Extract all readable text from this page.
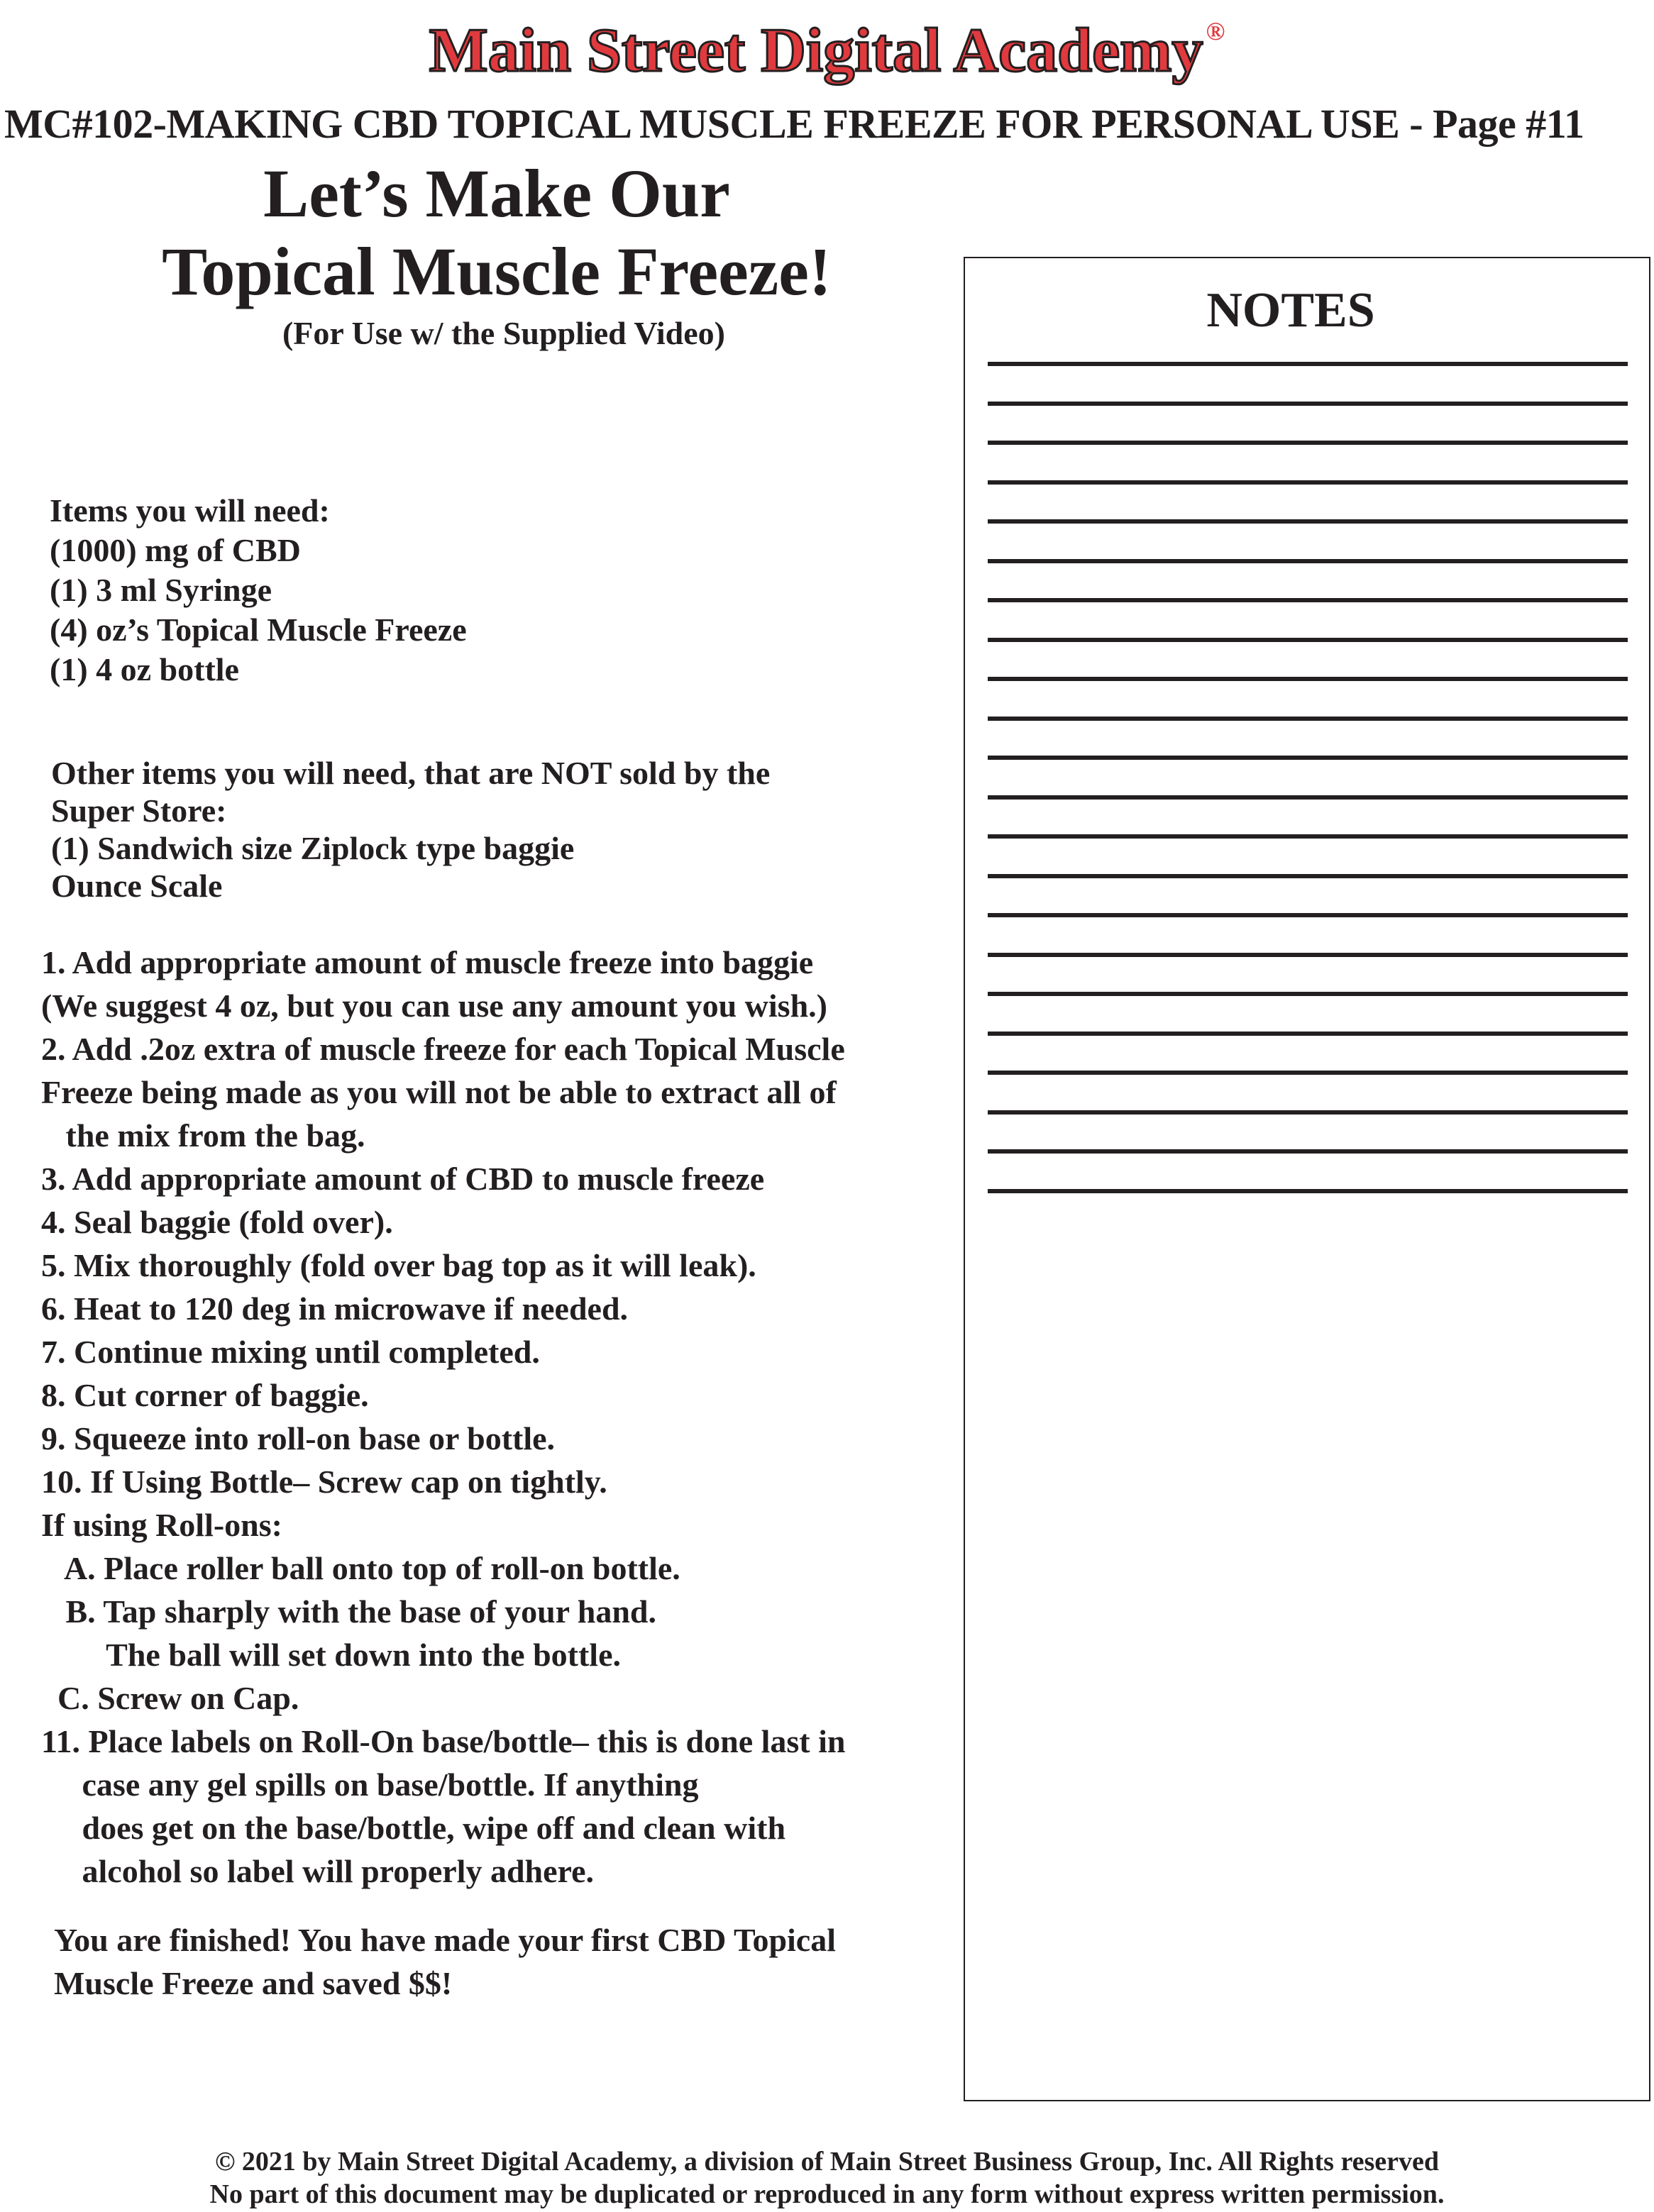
Main Street Digital Academy ®
MC#102-MAKING CBD TOPICAL MUSCLE FREEZE FOR PERSONAL USE - Page #11
Let’s Make Our
Topical Muscle Freeze!
(For Use w/ the Supplied Video)
Items you will need:
(1000) mg of CBD
(1) 3 ml Syringe
(4) oz’s Topical Muscle Freeze
(1) 4 oz bottle
Other items you will need, that are NOT sold by the
Super Store:
(1) Sandwich size Ziplock type baggie
Ounce Scale
1. Add appropriate amount of muscle freeze into baggie
(We suggest 4 oz, but you can use any amount you wish.)
2. Add .2oz extra of muscle freeze for each Topical Muscle
Freeze being made as you will not be able to extract all of
the mix from the bag.
3. Add appropriate amount of CBD to muscle freeze
4. Seal baggie (fold over).
5. Mix thoroughly (fold over bag top as it will leak).
6. Heat to 120 deg in microwave if needed.
7. Continue mixing until completed.
8. Cut corner of baggie.
9. Squeeze into roll-on base or bottle.
10. If Using Bottle– Screw cap on tightly.
If using Roll-ons:
A. Place roller ball onto top of roll-on bottle.
B. Tap sharply with the base of your hand.
The ball will set down into the bottle.
C. Screw on Cap.
11. Place labels on Roll-On base/bottle– this is done last in
case any gel spills on base/bottle. If anything
does get on the base/bottle, wipe off and clean with
alcohol so label will properly adhere.
You are finished! You have made your first CBD Topical
Muscle Freeze and saved $$!
NOTES
© 2021 by Main Street Digital Academy, a division of Main Street Business Group, Inc. All Rights reserved
No part of this document may be duplicated or reproduced in any form without express written permission.
